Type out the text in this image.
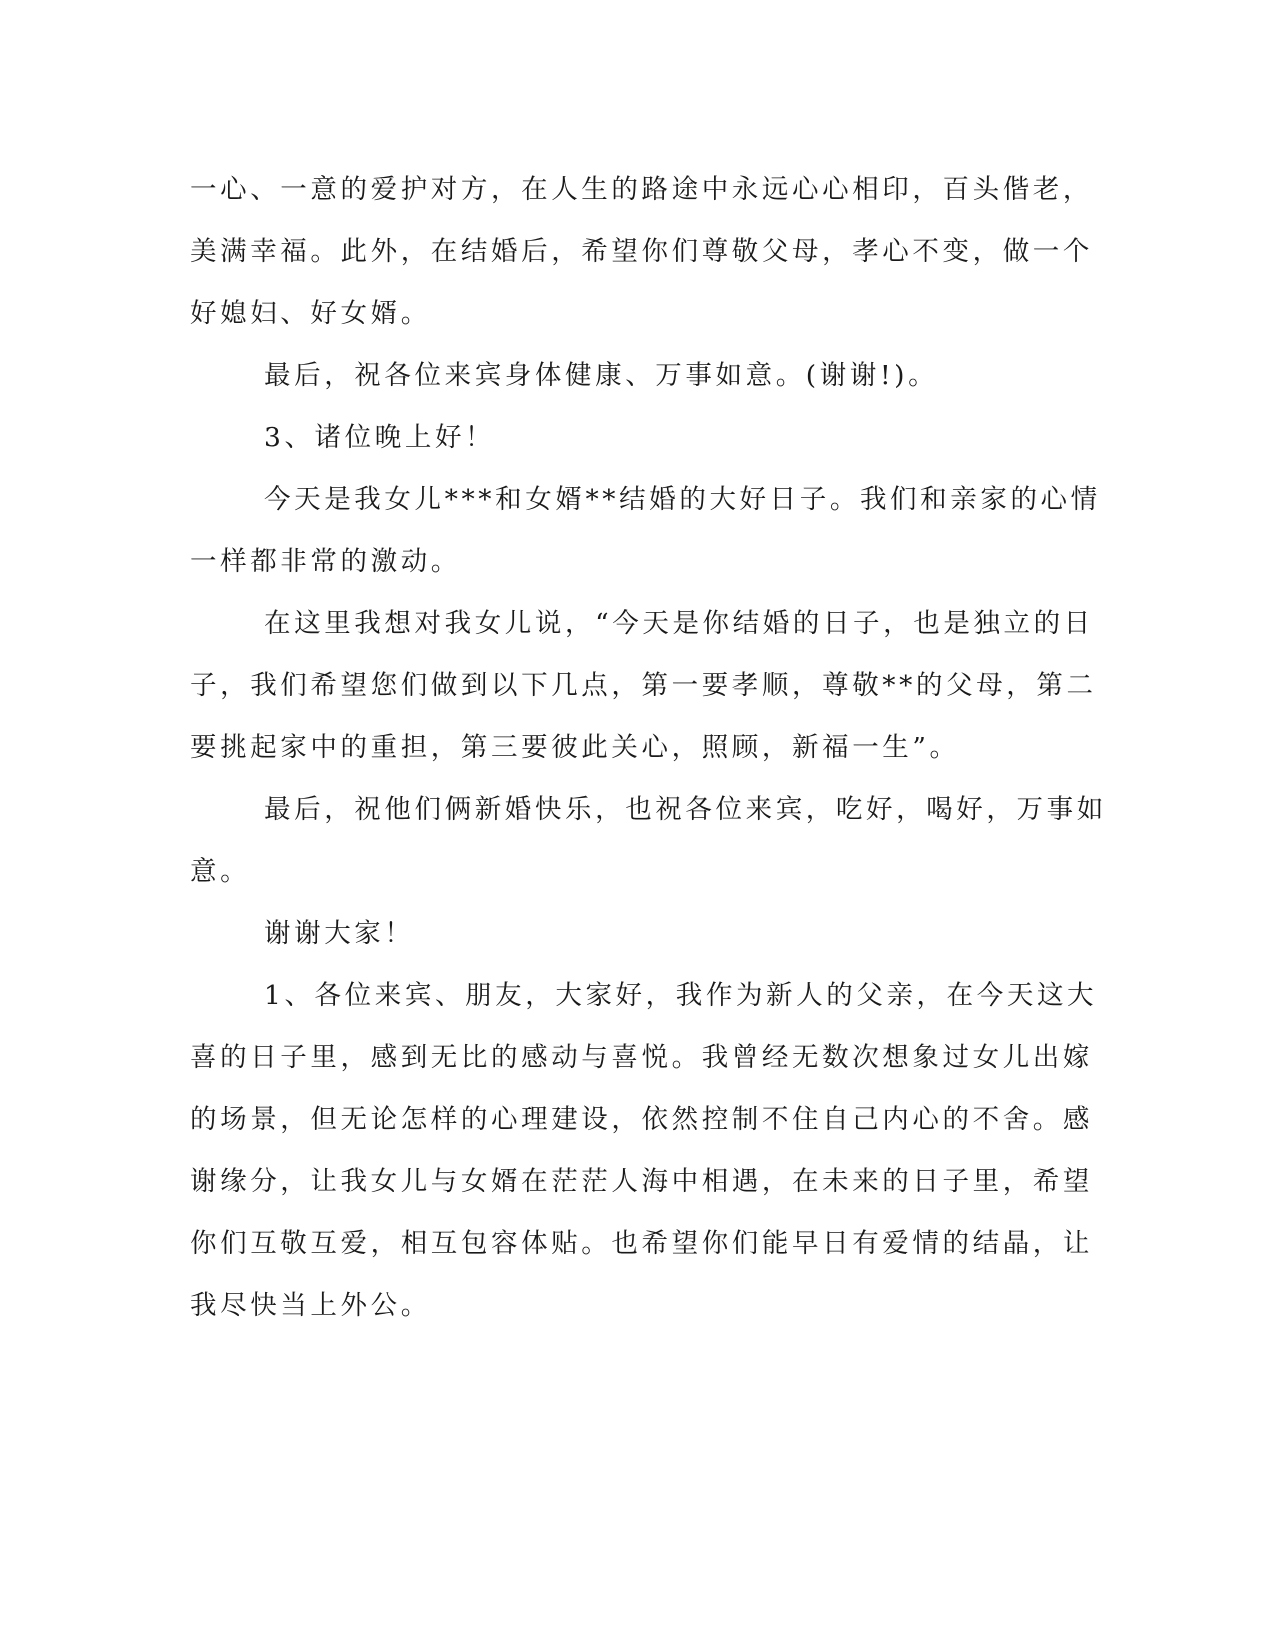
一心、一意的爱护对方，在人生的路途中永远心心相印，百头偕老，
美满幸福。此外，在结婚后，希望你们尊敬父母，孝心不变，做一个
好媳妇、好女婿。
最后，祝各位来宾身体健康、万事如意。(谢谢!)。
3、诸位晚上好！
今天是我女儿***和女婿**结婚的大好日子。我们和亲家的心情
一样都非常的激动。
在这里我想对我女儿说，“今天是你结婚的日子，也是独立的日
子，我们希望您们做到以下几点，第一要孝顺，尊敬**的父母，第二
要挑起家中的重担，第三要彼此关心，照顾，新福一生”。
最后，祝他们俩新婚快乐，也祝各位来宾，吃好，喝好，万事如
意。
谢谢大家！
1、各位来宾、朋友，大家好，我作为新人的父亲，在今天这大
喜的日子里，感到无比的感动与喜悦。我曾经无数次想象过女儿出嫁
的场景，但无论怎样的心理建设，依然控制不住自己内心的不舍。感
谢缘分，让我女儿与女婿在茫茫人海中相遇，在未来的日子里，希望
你们互敬互爱，相互包容体贴。也希望你们能早日有爱情的结晶，让
我尽快当上外公。
